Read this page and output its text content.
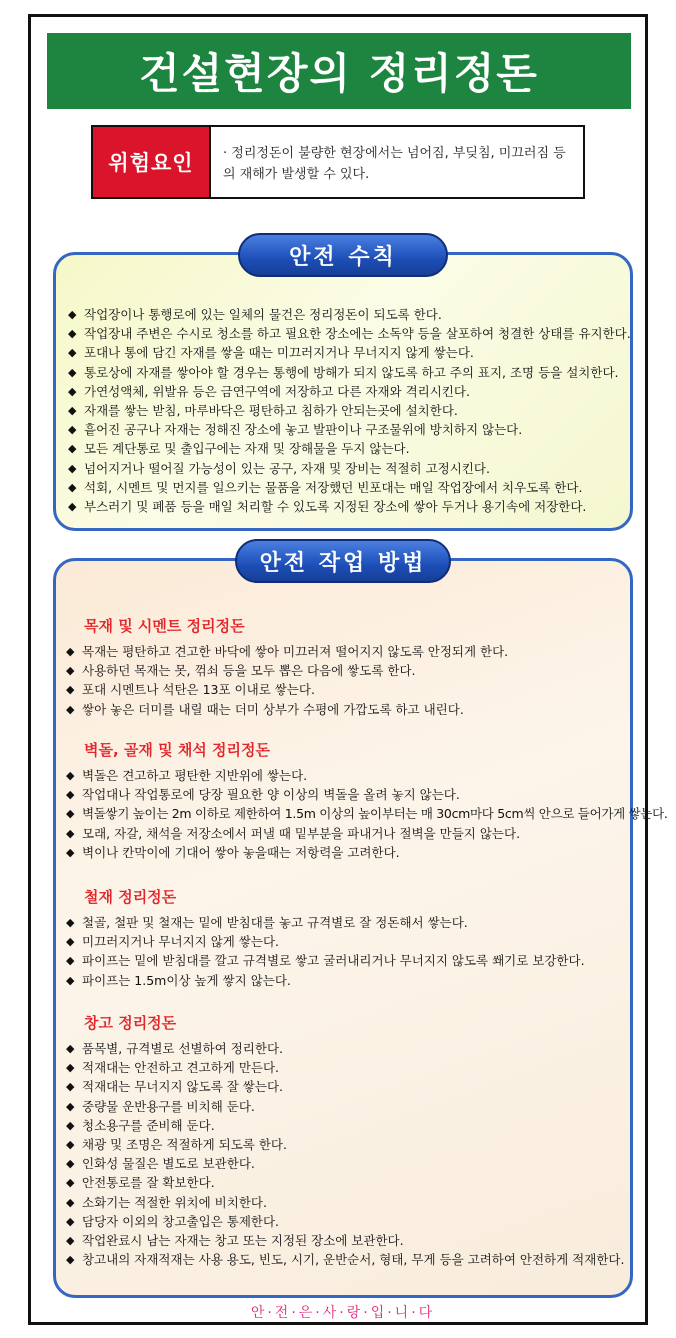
건설현장의 정리정돈
위험요인	· 정리정돈이 불량한 현장에서는 넘어짐, 부딪침, 미끄러짐 등의 재해가 발생할 수 있다.
안전 수칙
◆ 작업장이나 통행로에 있는 일체의 물건은 정리정돈이 되도록 한다.
◆ 작업장내 주변은 수시로 청소를 하고 필요한 장소에는 소독약 등을 살포하여 청결한 상태를 유지한다.
◆ 포대나 통에 담긴 자재를 쌓을 때는 미끄러지거나 무너지지 않게 쌓는다.
◆ 통로상에 자재를 쌓아야 할 경우는 통행에 방해가 되지 않도록 하고 주의 표지, 조명 등을 설치한다.
◆ 가연성액체, 위발유 등은 금연구역에 저장하고 다른 자재와 격리시킨다.
◆ 자재를 쌓는 받침, 마루바닥은 평탄하고 침하가 안되는곳에 설치한다.
◆ 흩어진 공구나 자재는 정해진 장소에 놓고 발판이나 구조물위에 방치하지 않는다.
◆ 모든 계단통로 및 출입구에는 자재 및 장해물을 두지 않는다.
◆ 넘어지거나 떨어질 가능성이 있는 공구, 자재 및 장비는 적절히 고정시킨다.
◆ 석회, 시멘트 및 먼지를 일으키는 물품을 저장했던 빈포대는 매일 작업장에서 치우도록 한다.
◆ 부스러기 및 폐품 등을 매일 처리할 수 있도록 지정된 장소에 쌓아 두거나 용기속에 저장한다.
안전 작업 방법
목재 및 시멘트 정리정돈
◆ 목재는 평탄하고 견고한 바닥에 쌓아 미끄러져 떨어지지 않도록 안정되게 한다.
◆ 사용하던 목재는 못, 꺾쇠 등을 모두 뽑은 다음에 쌓도록 한다.
◆ 포대 시멘트나 석탄은 13포 이내로 쌓는다.
◆ 쌓아 놓은 더미를 내릴 때는 더미 상부가 수평에 가깝도록 하고 내린다.
벽돌, 골재 및 채석 정리정돈
◆ 벽돌은 견고하고 평탄한 지반위에 쌓는다.
◆ 작업대나 작업통로에 당장 필요한 양 이상의 벽돌을 올려 놓지 않는다.
◆ 벽돌쌓기 높이는 2m 이하로 제한하여 1.5m 이상의 높이부터는 매 30cm마다 5cm씩 안으로 들어가게 쌓는다.
◆ 모래, 자갈, 채석을 저장소에서 퍼낼 때 밑부분을 파내거나 절벽을 만들지 않는다.
◆ 벽이나 칸막이에 기대어 쌓아 놓을때는 저항력을 고려한다.
철재 정리정돈
◆ 철골, 철판 및 철재는 밑에 받침대를 놓고 규격별로 잘 정돈해서 쌓는다.
◆ 미끄러지거나 무너지지 않게 쌓는다.
◆ 파이프는 밑에 받침대를 깔고 규격별로 쌓고 굴러내리거나 무너지지 않도록 쐐기로 보강한다.
◆ 파이프는 1.5m이상 높게 쌓지 않는다.
창고 정리정돈
◆ 품목별, 규격별로 선별하여 정리한다.
◆ 적재대는 안전하고 견고하게 만든다.
◆ 적재대는 무너지지 않도록 잘 쌓는다.
◆ 중량물 운반용구를 비치해 둔다.
◆ 청소용구를 준비해 둔다.
◆ 채광 및 조명은 적절하게 되도록 한다.
◆ 인화성 물질은 별도로 보관한다.
◆ 안전통로를 잘 확보한다.
◆ 소화기는 적절한 위치에 비치한다.
◆ 담당자 이외의 창고출입은 통제한다.
◆ 작업완료시 남는 자재는 창고 또는 지정된 장소에 보관한다.
◆ 창고내의 자재적재는 사용 용도, 빈도, 시기, 운반순서, 형태, 무게 등을 고려하여 안전하게 적재한다.
안·전·은·사·랑·입·니·다
